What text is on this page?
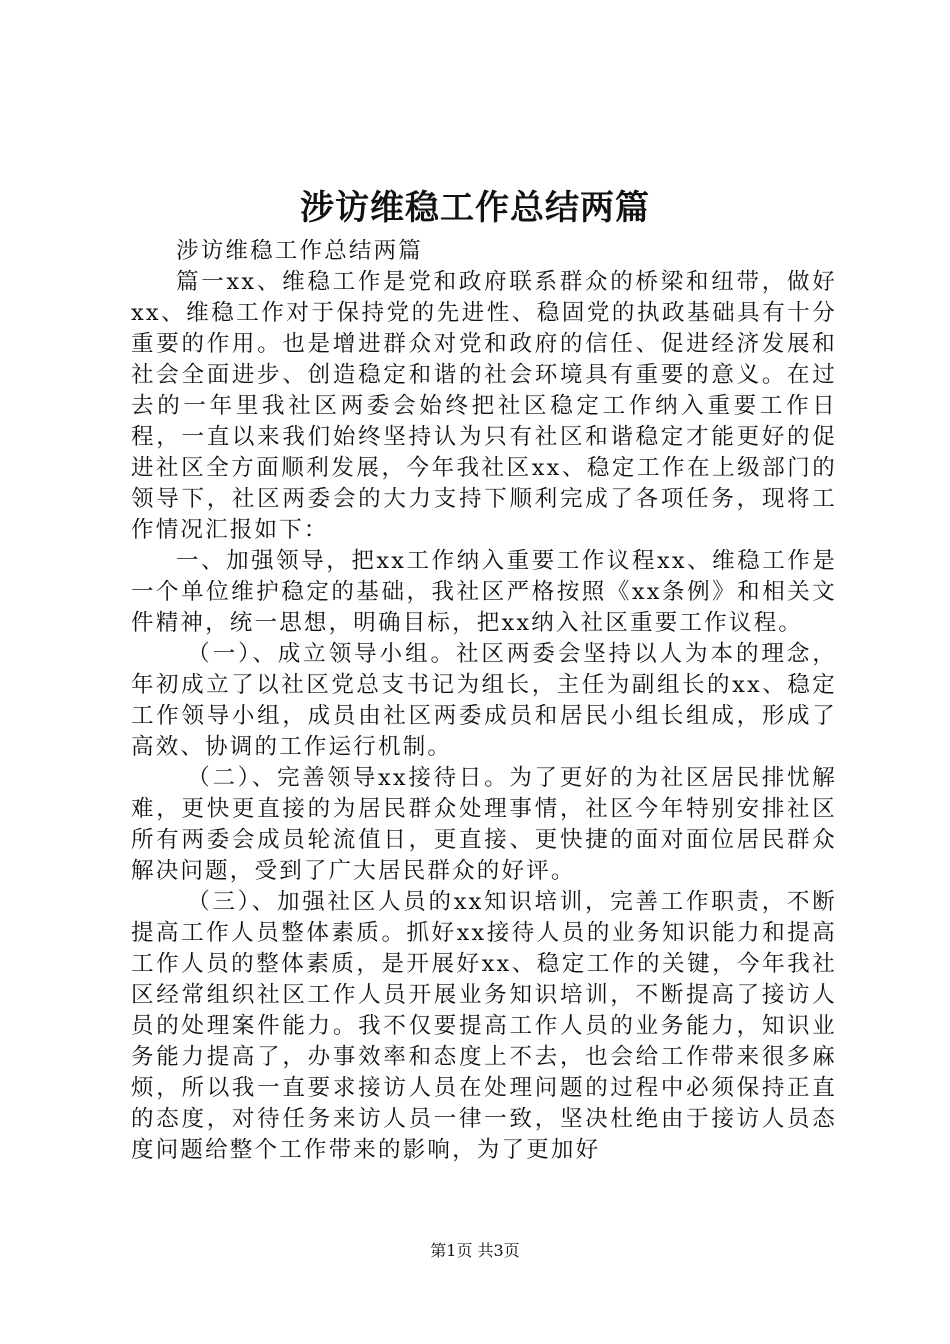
涉访维稳工作总结两篇

涉访维稳工作总结两篇

篇一xx、维稳工作是党和政府联系群众的桥梁和纽带，做好xx、维稳工作对于保持党的先进性、稳固党的执政基础具有十分重要的作用。也是增进群众对党和政府的信任、促进经济发展和社会全面进步、创造稳定和谐的社会环境具有重要的意义。在过去的一年里我社区两委会始终把社区稳定工作纳入重要工作日程，一直以来我们始终坚持认为只有社区和谐稳定才能更好的促进社区全方面顺利发展，今年我社区xx、稳定工作在上级部门的领导下，社区两委会的大力支持下顺利完成了各项任务，现将工作情况汇报如下：

一、加强领导，把xx工作纳入重要工作议程xx、维稳工作是一个单位维护稳定的基础，我社区严格按照《xx条例》和相关文件精神，统一思想，明确目标，把xx纳入社区重要工作议程。

（一）、成立领导小组。社区两委会坚持以人为本的理念，年初成立了以社区党总支书记为组长，主任为副组长的xx、稳定工作领导小组，成员由社区两委成员和居民小组长组成，形成了高效、协调的工作运行机制。

（二）、完善领导xx接待日。为了更好的为社区居民排忧解难，更快更直接的为居民群众处理事情，社区今年特别安排社区所有两委会成员轮流值日，更直接、更快捷的面对面位居民群众解决问题，受到了广大居民群众的好评。

（三）、加强社区人员的xx知识培训，完善工作职责，不断提高工作人员整体素质。抓好xx接待人员的业务知识能力和提高工作人员的整体素质，是开展好xx、稳定工作的关键，今年我社区经常组织社区工作人员开展业务知识培训，不断提高了接访人员的处理案件能力。我不仅要提高工作人员的业务能力，知识业务能力提高了，办事效率和态度上不去，也会给工作带来很多麻烦，所以我一直要求接访人员在处理问题的过程中必须保持正直的态度，对待任务来访人员一律一致，坚决杜绝由于接访人员态度问题给整个工作带来的影响，为了更加好

第1页 共3页
